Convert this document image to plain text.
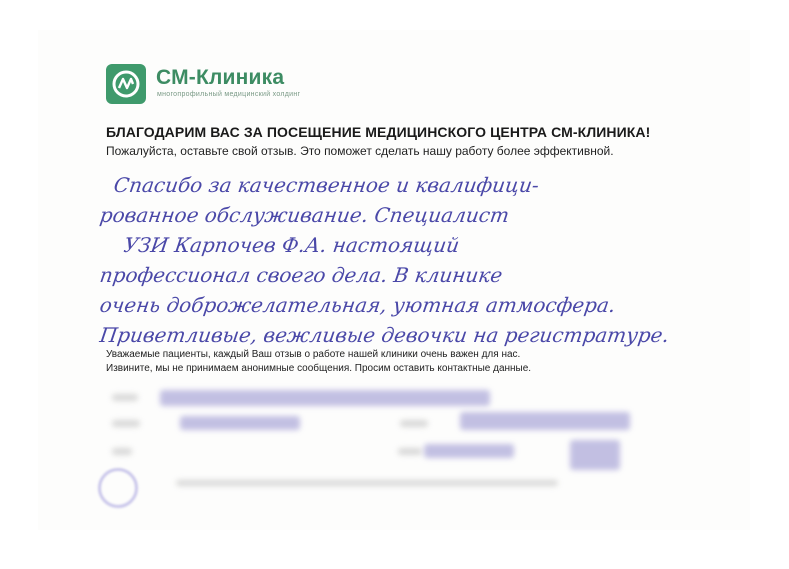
СМ-Клиника
многопрофильный медицинский холдинг
БЛАГОДАРИМ ВАС ЗА ПОСЕЩЕНИЕ МЕДИЦИНСКОГО ЦЕНТРА СМ-КЛИНИКА!
Пожалуйста, оставьте свой отзыв. Это поможет сделать нашу работу более эффективной.
Спасибо за качественное и квалифици-
рованное обслуживание. Специалист
УЗИ Карпочев Ф.А. настоящий
профессионал своего дела. В клинике
очень доброжелательная, уютная атмосфера.
Приветливые, вежливые девочки на регистратуре.
Уважаемые пациенты, каждый Ваш отзыв о работе нашей клиники очень важен для нас.
Извините, мы не принимаем анонимные сообщения. Просим оставить контактные данные.
